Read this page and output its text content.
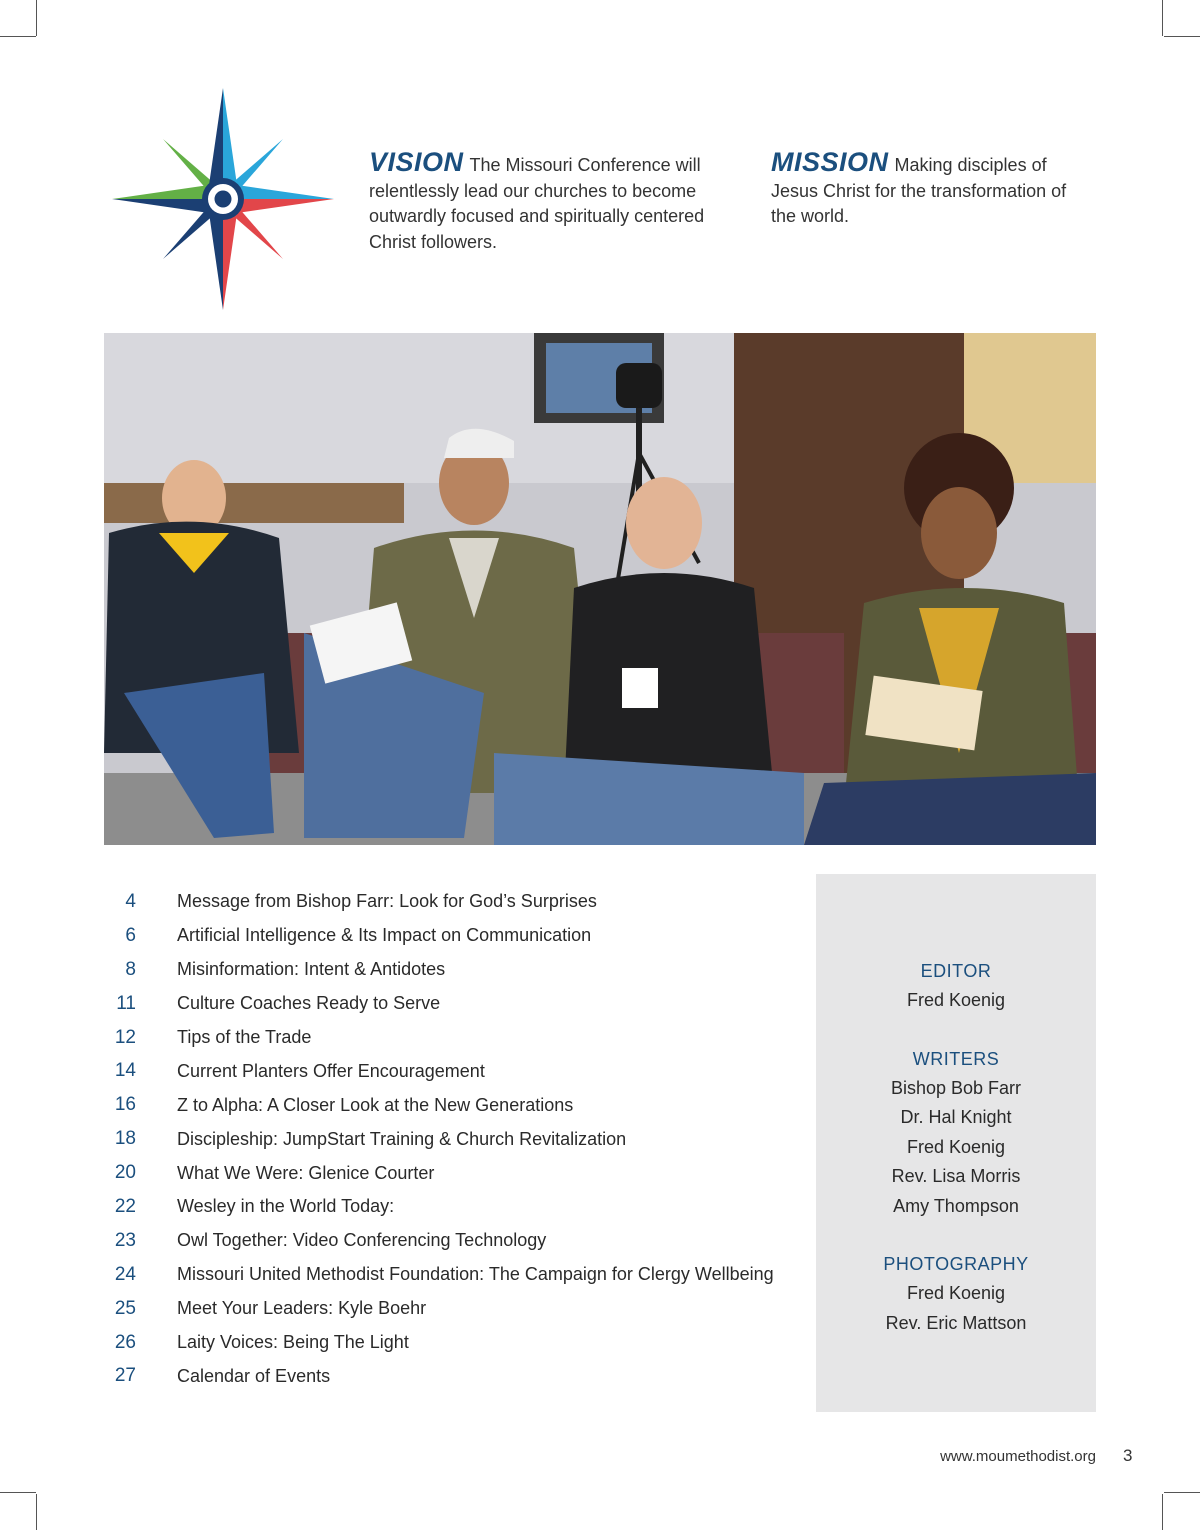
VISION The Missouri Conference will relentlessly lead our churches to become outwardly focused and spiritually centered Christ followers.
MISSION Making disciples of Jesus Christ for the transformation of the world.
4 Message from Bishop Farr: Look for God’s Surprises
6 Artificial Intelligence & Its Impact on Communication
8 Misinformation: Intent & Antidotes
11 Culture Coaches Ready to Serve
12 Tips of the Trade
14 Current Planters Offer Encouragement
16 Z to Alpha: A Closer Look at the New Generations
18 Discipleship: JumpStart Training & Church Revitalization
20 What We Were: Glenice Courter
22 Wesley in the World Today:
23 Owl Together: Video Conferencing Technology
24 Missouri United Methodist Foundation: The Campaign for Clergy Wellbeing
25 Meet Your Leaders: Kyle Boehr
26 Laity Voices: Being The Light
27 Calendar of Events
EDITOR
Fred Koenig
WRITERS
Bishop Bob Farr
Dr. Hal Knight
Fred Koenig
Rev. Lisa Morris
Amy Thompson
PHOTOGRAPHY
Fred Koenig
Rev. Eric Mattson
www.moumethodist.org 3
